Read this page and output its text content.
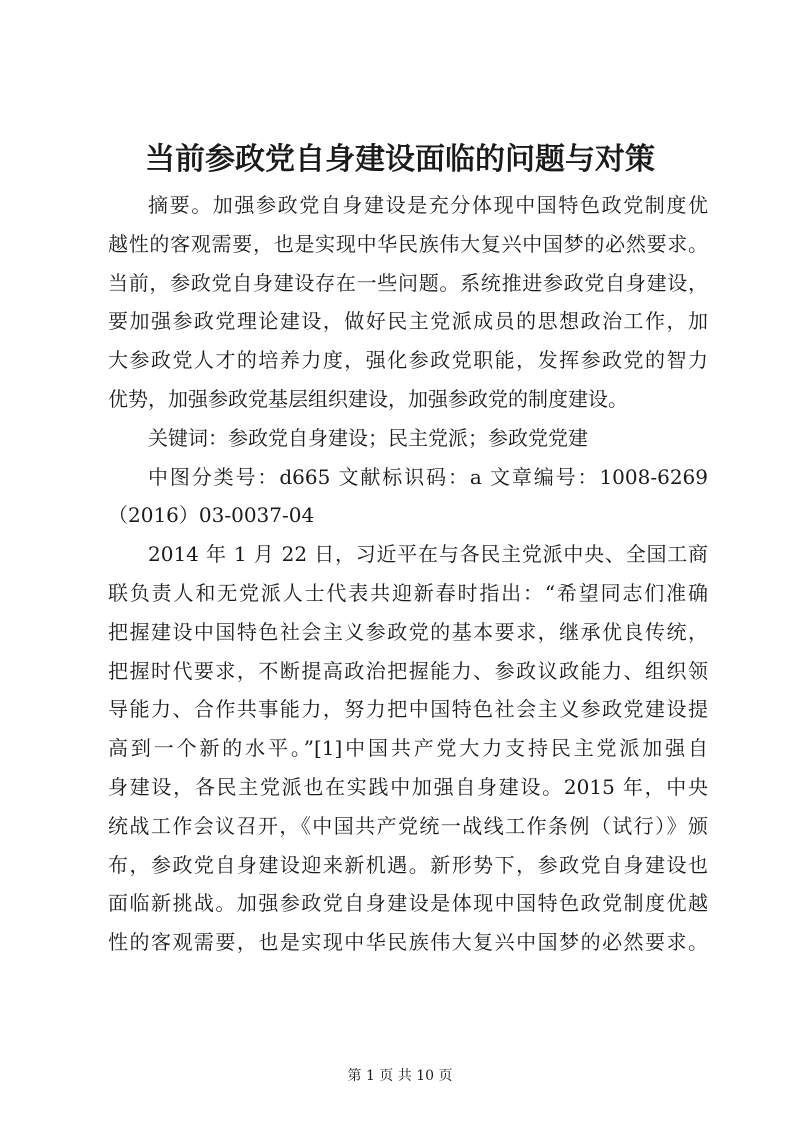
当前参政党自身建设面临的问题与对策
摘要。加强参政党自身建设是充分体现中国特色政党制度优
越性的客观需要，也是实现中华民族伟大复兴中国梦的必然要求。
当前，参政党自身建设存在一些问题。系统推进参政党自身建设，
要加强参政党理论建设，做好民主党派成员的思想政治工作，加
大参政党人才的培养力度，强化参政党职能，发挥参政党的智力
优势，加强参政党基层组织建设，加强参政党的制度建设。
关键词：参政党自身建设；民主党派；参政党党建
中图分类号：d665 文献标识码：a 文章编号：1008-6269
（2016）03-0037-04
2014 年 1 月 22 日，习近平在与各民主党派中央、全国工商
联负责人和无党派人士代表共迎新春时指出：“希望同志们准确
把握建设中国特色社会主义参政党的基本要求，继承优良传统，
把握时代要求，不断提高政治把握能力、参政议政能力、组织领
导能力、合作共事能力，努力把中国特色社会主义参政党建设提
高到一个新的水平。”[1]中国共产党大力支持民主党派加强自
身建设，各民主党派也在实践中加强自身建设。2015 年，中央
统战工作会议召开，《中国共产党统一战线工作条例（试行）》颁
布，参政党自身建设迎来新机遇。新形势下，参政党自身建设也
面临新挑战。加强参政党自身建设是体现中国特色政党制度优越
性的客观需要，也是实现中华民族伟大复兴中国梦的必然要求。
第 1 页 共 10 页
